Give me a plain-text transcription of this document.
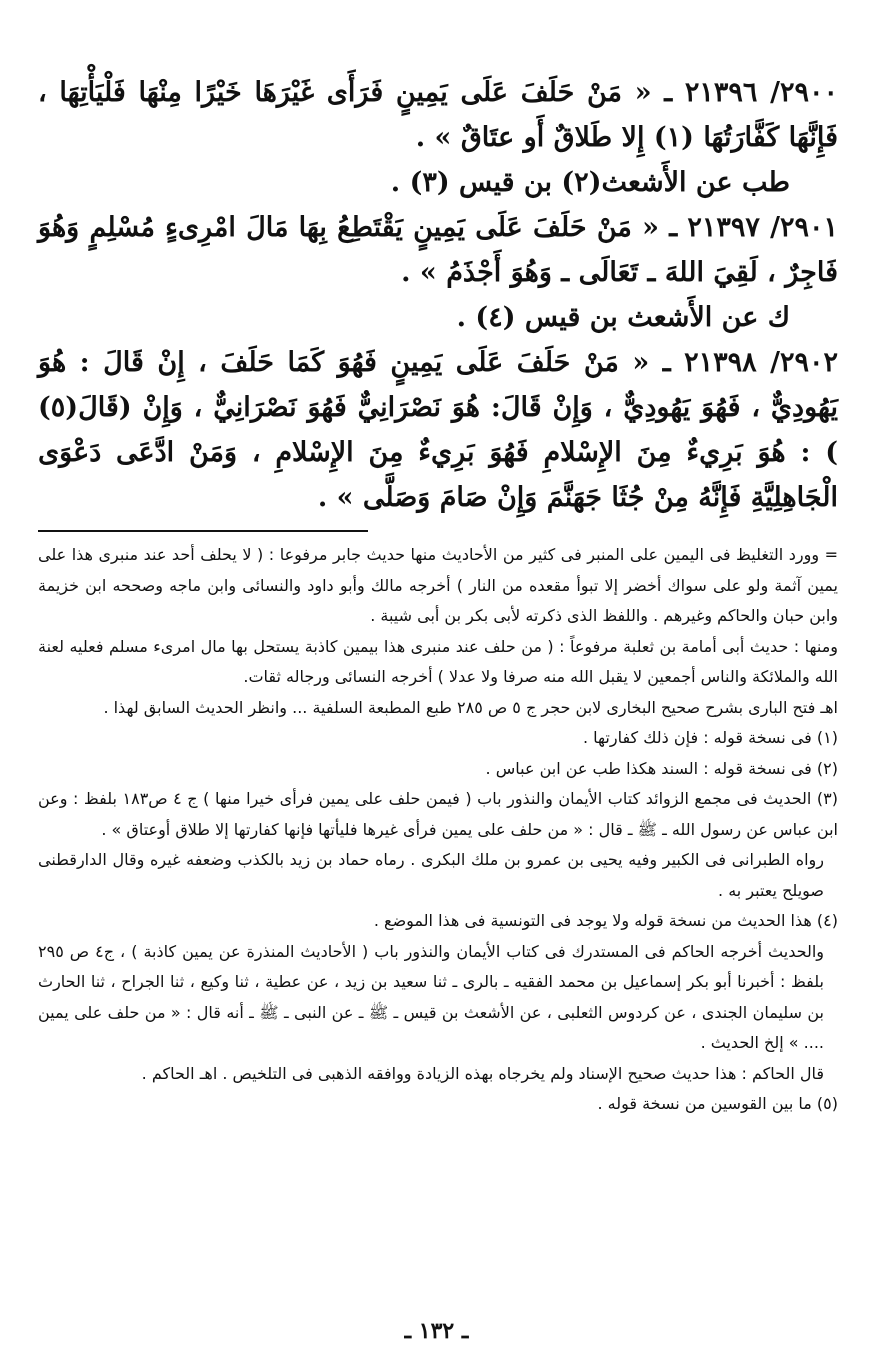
٢٩٠٠/ ٢١٣٩٦ ـ « مَنْ حَلَفَ عَلَى يَمِينٍ فَرَأَى غَيْرَهَا خَيْرًا مِنْهَا فَلْيَأْتِهَا ، فَإِنَّهَا كَفَّارَتُهَا (١) إِلا طَلاقٌ أَو عتَاقٌ » .

طب عن الأَشعث(٢) بن قيس (٣) .

٢٩٠١/ ٢١٣٩٧ ـ « مَنْ حَلَفَ عَلَى يَمِينٍ يَقْتَطِعُ بِهَا مَالَ امْرِىءٍ مُسْلِمٍ وَهُوَ فَاجِرٌ ، لَقِيَ اللهَ ـ تَعَالَى ـ وَهُوَ أَجْذَمُ » .

ك عن الأَشعث بن قيس (٤) .

٢٩٠٢/ ٢١٣٩٨ ـ « مَنْ حَلَفَ عَلَى يَمِينٍ فَهُوَ كَمَا حَلَفَ ، إِنْ قَالَ : هُوَ يَهُودِيٌّ ، فَهُوَ يَهُودِيٌّ ، وَإِنْ قَالَ: هُوَ نَصْرَانِيٌّ فَهُوَ نَصْرَانِيٌّ ، وَإِنْ (قَالَ(٥) ) : هُوَ بَرِيءٌ مِنَ الإِسْلامِ فَهُوَ بَرِيءٌ مِنَ الإِسْلامِ ، وَمَنْ ادَّعَى دَعْوَى الْجَاهِلِيَّةِ فَإِنَّهُ مِنْ جُثَا جَهَنَّمَ وَإِنْ صَامَ وَصَلَّى » .

= وورد التغليظ فى اليمين على المنبر فى كثير من الأحاديث منها حديث جابر مرفوعا : ( لا يحلف أحد عند منبرى هذا على يمين آثمة ولو على سواك أخضر إلا تبوأ مقعده من النار ) أخرجه مالك وأبو داود والنسائى وابن ماجه وصححه ابن خزيمة وابن حبان والحاكم وغيرهم . واللفظ الذى ذكرته لأبى بكر بن أبى شيبة .

ومنها : حديث أبى أمامة بن ثعلبة مرفوعاً : ( من حلف عند منبرى هذا بيمين كاذبة يستحل بها مال امرىء مسلم فعليه لعنة الله والملائكة والناس أجمعين لا يقبل الله منه صرفا ولا عدلا ) أخرجه النسائى ورجاله ثقات.

اهـ فتح البارى بشرح صحيح البخارى لابن حجر ج ٥ ص ٢٨٥ طبع المطبعة السلفية ... وانظر الحديث السابق لهذا .

(١) فى نسخة قوله : فإن ذلك كفارتها .

(٢) فى نسخة قوله : السند هكذا طب عن ابن عباس .

(٣) الحديث فى مجمع الزوائد كتاب الأيمان والنذور باب ( فيمن حلف على يمين فرأى خيرا منها ) ج ٤ ص١٨٣ بلفظ : وعن ابن عباس عن رسول الله ـ ﷺ ـ قال : « من حلف على يمين فرأى غيرها فليأتها فإنها كفارتها إلا طلاق أوعتاق » .

رواه الطبرانى فى الكبير وفيه يحيى بن عمرو بن ملك البكرى . رماه حماد بن زيد بالكذب وضعفه غيره وقال الدارقطنى صويلح يعتبر به .

(٤) هذا الحديث من نسخة قوله ولا يوجد فى التونسية فى هذا الموضع .

والحديث أخرجه الحاكم فى المستدرك فى كتاب الأيمان والنذور باب ( الأحاديث المنذرة عن يمين كاذبة ) ، ج٤ ص ٢٩٥ بلفظ : أخبرنا أبو بكر إسماعيل بن محمد الفقيه ـ بالرى ـ ثنا سعيد بن زيد ، عن عطية ، ثنا وكيع ، ثنا الجراح ، ثنا الحارث بن سليمان الجندى ، عن كردوس الثعلبى ، عن الأشعث بن قيس ـ ﷺ ـ عن النبى ـ ﷺ ـ أنه قال : « من حلف على يمين .... » إلخ الحديث .

قال الحاكم : هذا حديث صحيح الإسناد ولم يخرجاه بهذه الزيادة ووافقه الذهبى فى التلخيص . اهـ الحاكم .

(٥) ما بين القوسين من نسخة قوله .

ـ ١٣٢ ـ
